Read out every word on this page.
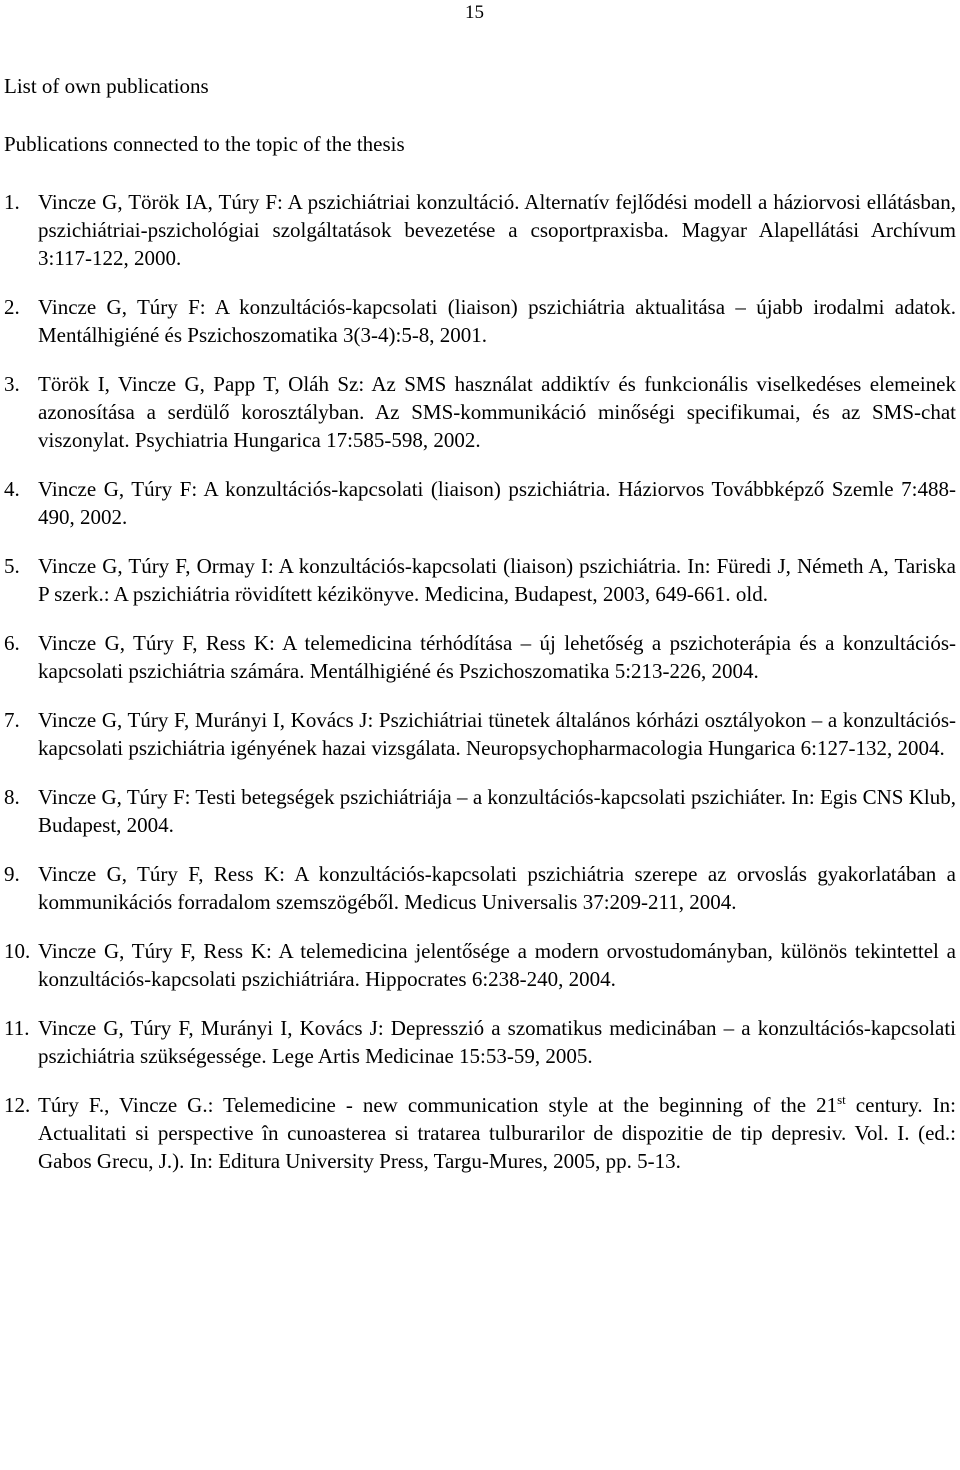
15
List of own publications
Publications connected to the topic of the thesis
1. Vincze G, Török IA, Túry F: A pszichiátriai konzultáció. Alternatív fejlődési modell a háziorvosi ellátásban, pszichiátriai-pszichológiai szolgáltatások bevezetése a csoportpraxisba. Magyar Alapellátási Archívum 3:117-122, 2000.
2. Vincze G, Túry F: A konzultációs-kapcsolati (liaison) pszichiátria aktualitása – újabb irodalmi adatok. Mentálhigiéné és Pszichoszomatika 3(3-4):5-8, 2001.
3. Török I, Vincze G, Papp T, Oláh Sz: Az SMS használat addiktív és funkcionális viselkedéses elemeinek azonosítása a serdülő korosztályban. Az SMS-kommunikáció minőségi specifikumai, és az SMS-chat viszonylat. Psychiatria Hungarica 17:585-598, 2002.
4. Vincze G, Túry F: A konzultációs-kapcsolati (liaison) pszichiátria. Háziorvos Továbbképző Szemle 7:488-490, 2002.
5. Vincze G, Túry F, Ormay I: A konzultációs-kapcsolati (liaison) pszichiátria. In: Füredi J, Németh A, Tariska P szerk.: A pszichiátria rövidített kézikönyve. Medicina, Budapest, 2003, 649-661. old.
6. Vincze G, Túry F, Ress K: A telemedicina térhódítása – új lehetőség a pszichoterápia és a konzultációs-kapcsolati pszichiátria számára. Mentálhigiéné és Pszichoszomatika 5:213-226, 2004.
7. Vincze G, Túry F, Murányi I, Kovács J: Pszichiátriai tünetek általános kórházi osztályokon – a konzultációs-kapcsolati pszichiátria igényének hazai vizsgálata. Neuropsychopharmacologia Hungarica 6:127-132, 2004.
8. Vincze G, Túry F: Testi betegségek pszichiátriája – a konzultációs-kapcsolati pszichiáter. In: Egis CNS Klub, Budapest, 2004.
9. Vincze G, Túry F, Ress K: A konzultációs-kapcsolati pszichiátria szerepe az orvoslás gyakorlatában a kommunikációs forradalom szemszögéből. Medicus Universalis 37:209-211, 2004.
10. Vincze G, Túry F, Ress K: A telemedicina jelentősége a modern orvostudományban, különös tekintettel a konzultációs-kapcsolati pszichiátriára. Hippocrates 6:238-240, 2004.
11. Vincze G, Túry F, Murányi I, Kovács J: Depresszió a szomatikus medicinában – a konzultációs-kapcsolati pszichiátria szükségessége. Lege Artis Medicinae 15:53-59, 2005.
12. Túry F., Vincze G.: Telemedicine - new communication style at the beginning of the 21st century. In: Actualitati si perspective în cunoasterea si tratarea tulburarilor de dispozitie de tip depresiv. Vol. I. (ed.: Gabos Grecu, J.). In: Editura University Press, Targu-Mures, 2005, pp. 5-13.
